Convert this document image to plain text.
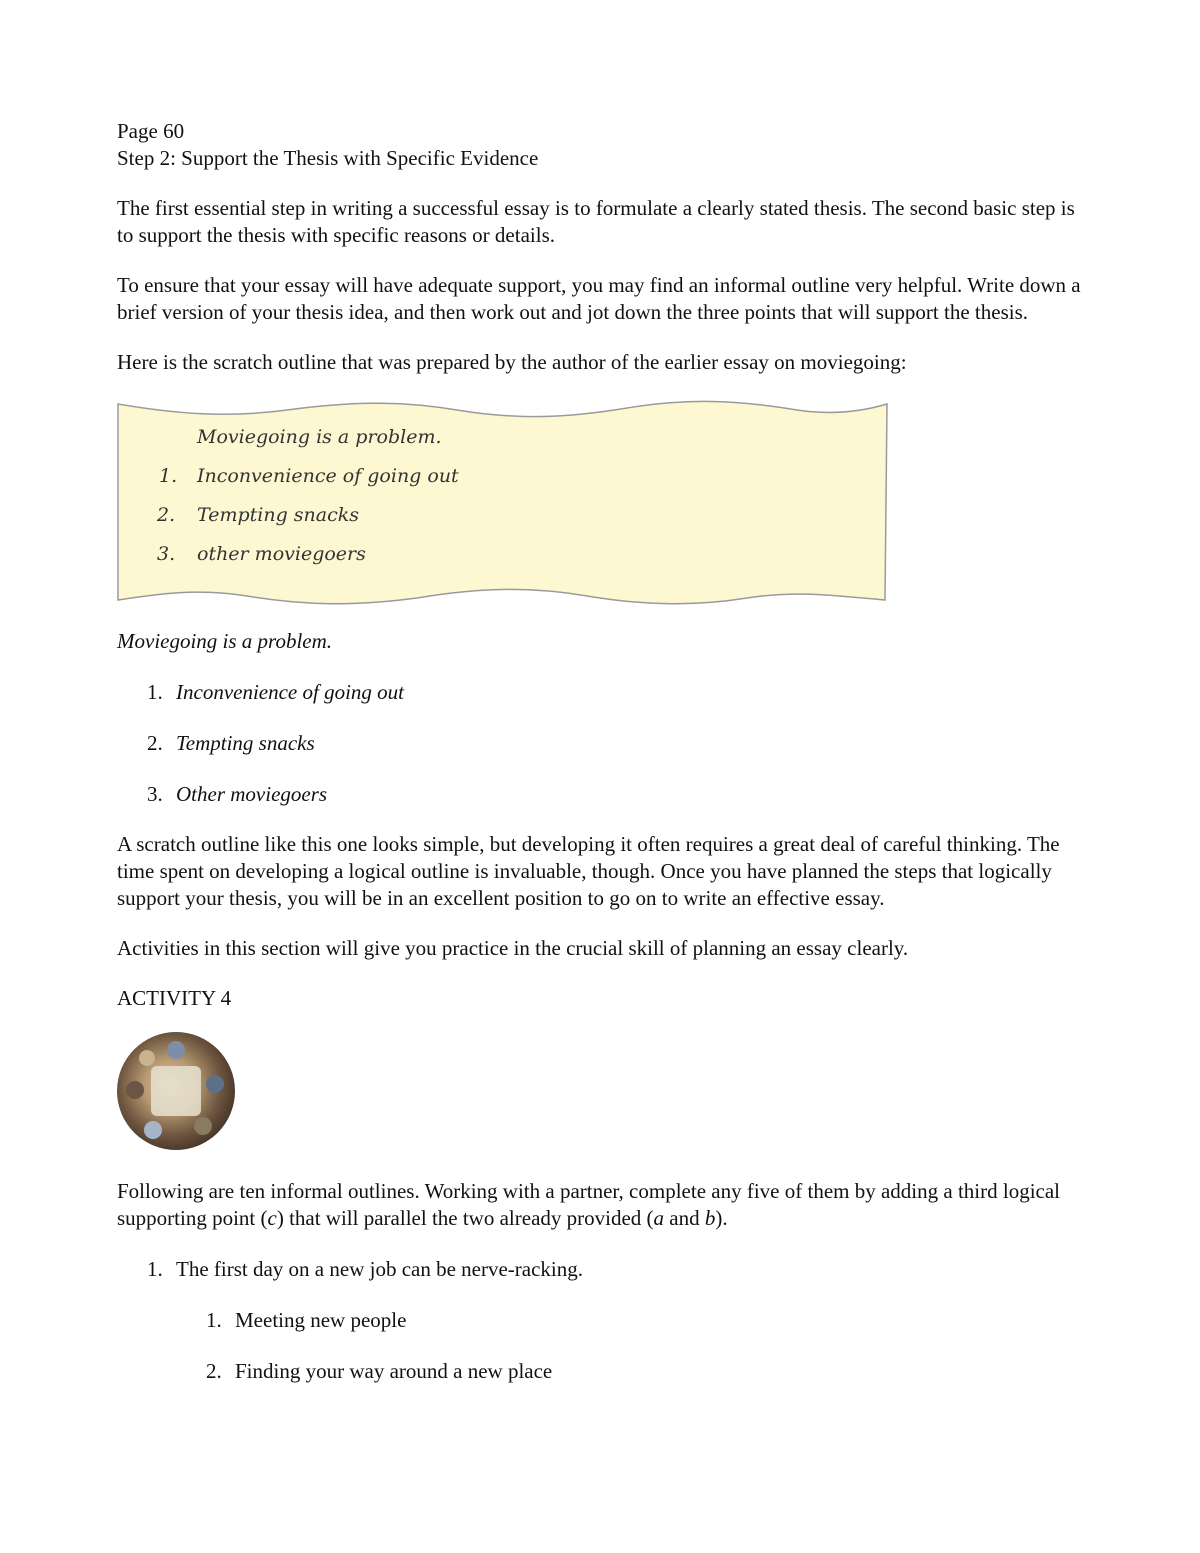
Page 60

Step 2: Support the Thesis with Specific Evidence

The first essential step in writing a successful essay is to formulate a clearly stated thesis. The second basic step is to support the thesis with specific reasons or details.

To ensure that your essay will have adequate support, you may find an informal outline very helpful. Write down a brief version of your thesis idea, and then work out and jot down the three points that will support the thesis.

Here is the scratch outline that was prepared by the author of the earlier essay on moviegoing:

Moviegoing is a problem.
1. Inconvenience of going out
2. Tempting snacks
3. other moviegoers

Moviegoing is a problem.

1. Inconvenience of going out
2. Tempting snacks
3. Other moviegoers

A scratch outline like this one looks simple, but developing it often requires a great deal of careful thinking. The time spent on developing a logical outline is invaluable, though. Once you have planned the steps that logically support your thesis, you will be in an excellent position to go on to write an effective essay.

Activities in this section will give you practice in the crucial skill of planning an essay clearly.

ACTIVITY 4

Following are ten informal outlines. Working with a partner, complete any five of them by adding a third logical supporting point (c) that will parallel the two already provided (a and b).

1. The first day on a new job can be nerve-racking.
1. Meeting new people
2. Finding your way around a new place
